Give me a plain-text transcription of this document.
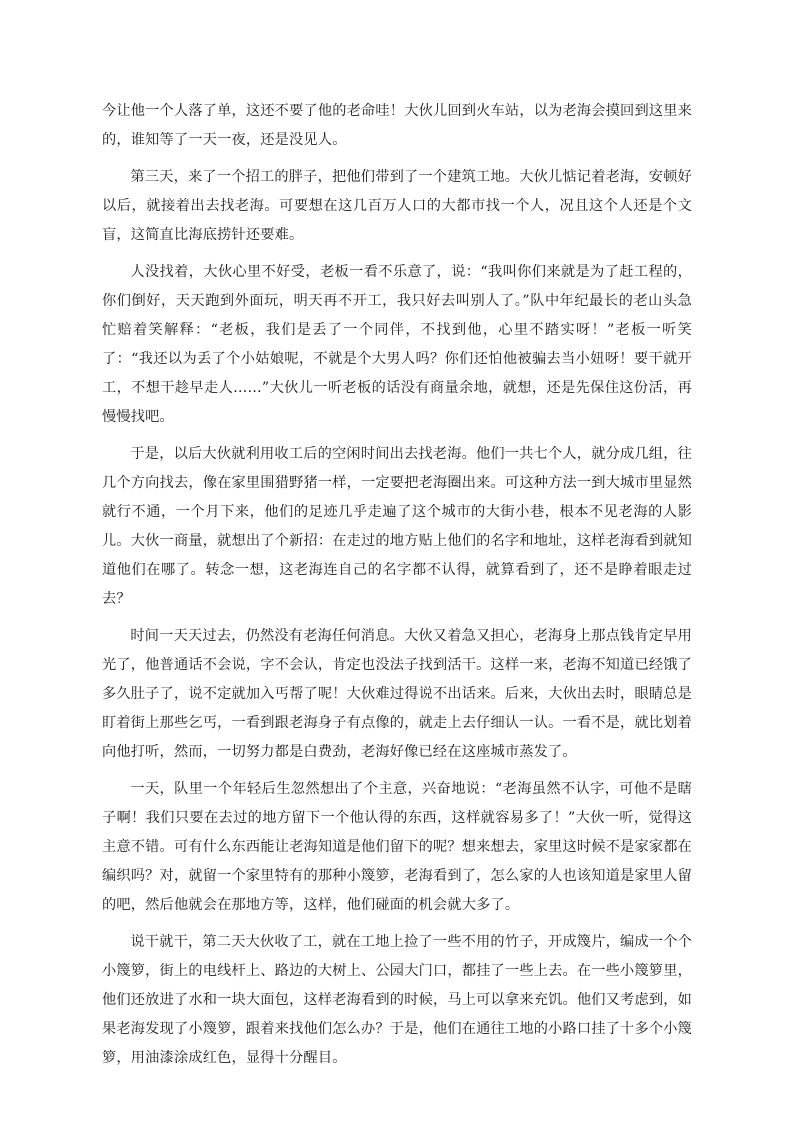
今让他一个人落了单，这还不要了他的老命哇！大伙儿回到火车站，以为老海会摸回到这里来的，谁知等了一天一夜，还是没见人。

第三天，来了一个招工的胖子，把他们带到了一个建筑工地。大伙儿惦记着老海，安顿好以后，就接着出去找老海。可要想在这几百万人口的大都市找一个人，况且这个人还是个文盲，这简直比海底捞针还要难。

人没找着，大伙心里不好受，老板一看不乐意了，说：“我叫你们来就是为了赶工程的，你们倒好，天天跑到外面玩，明天再不开工，我只好去叫别人了。”队中年纪最长的老山头急忙赔着笑解释：“老板，我们是丢了一个同伴，不找到他，心里不踏实呀！”老板一听笑了：“我还以为丢了个小姑娘呢，不就是个大男人吗？你们还怕他被骗去当小妞呀！要干就开工，不想干趁早走人……”大伙儿一听老板的话没有商量余地，就想，还是先保住这份活，再慢慢找吧。

于是，以后大伙就利用收工后的空闲时间出去找老海。他们一共七个人，就分成几组，往几个方向找去，像在家里围猎野猪一样，一定要把老海圈出来。可这种方法一到大城市里显然就行不通，一个月下来，他们的足迹几乎走遍了这个城市的大街小巷，根本不见老海的人影儿。大伙一商量，就想出了个新招：在走过的地方贴上他们的名字和地址，这样老海看到就知道他们在哪了。转念一想，这老海连自己的名字都不认得，就算看到了，还不是睁着眼走过去？

时间一天天过去，仍然没有老海任何消息。大伙又着急又担心，老海身上那点钱肯定早用光了，他普通话不会说，字不会认，肯定也没法子找到活干。这样一来，老海不知道已经饿了多久肚子了，说不定就加入丐帮了呢！大伙难过得说不出话来。后来，大伙出去时，眼睛总是盯着街上那些乞丐，一看到跟老海身子有点像的，就走上去仔细认一认。一看不是，就比划着向他打听，然而，一切努力都是白费劲，老海好像已经在这座城市蒸发了。

一天，队里一个年轻后生忽然想出了个主意，兴奋地说：“老海虽然不认字，可他不是瞎子啊！我们只要在去过的地方留下一个他认得的东西，这样就容易多了！”大伙一听，觉得这主意不错。可有什么东西能让老海知道是他们留下的呢？想来想去，家里这时候不是家家都在编织吗？对，就留一个家里特有的那种小篾箩，老海看到了，怎么家的人也该知道是家里人留的吧，然后他就会在那地方等，这样，他们碰面的机会就大多了。

说干就干，第二天大伙收了工，就在工地上捡了一些不用的竹子，开成篾片，编成一个个小篾箩，街上的电线杆上、路边的大树上、公园大门口，都挂了一些上去。在一些小篾箩里，他们还放进了水和一块大面包，这样老海看到的时候，马上可以拿来充饥。他们又考虑到，如果老海发现了小篾箩，跟着来找他们怎么办？于是，他们在通往工地的小路口挂了十多个小篾箩，用油漆涂成红色，显得十分醒目。
